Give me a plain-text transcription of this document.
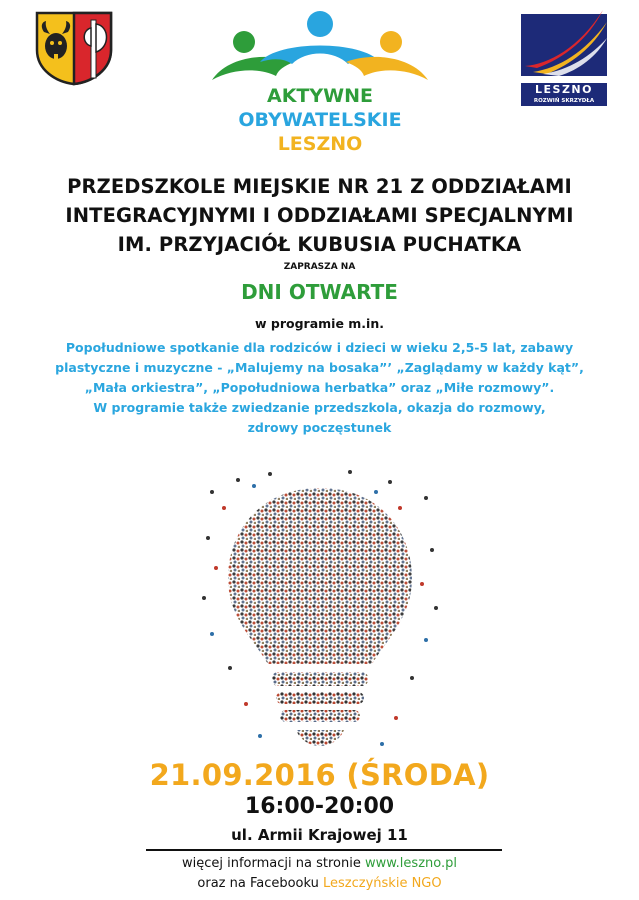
AKTYWNE
OBYWATELSKIE
LESZNO
LESZNO
ROZWIŃ SKRZYDŁA
PRZEDSZKOLE MIEJSKIE NR 21 Z ODDZIAŁAMI
INTEGRACYJNYMI I ODDZIAŁAMI SPECJALNYMI
IM. PRZYJACIÓŁ KUBUSIA PUCHATKA
ZAPRASZA NA
DNI OTWARTE
w programie m.in.

Popołudniowe spotkanie dla rodziców i dzieci w wieku 2,5-5 lat, zabawy

plastyczne i muzyczne - „Malujemy na bosaka”’ „Zaglądamy w każdy kąt”,

„Mała orkiestra”, „Popołudniowa herbatka” oraz „Miłe rozmowy”.

W programie także zwiedzanie przedszkola, okazja do rozmowy,

zdrowy poczęstunek

21.09.2016 (ŚRODA)
16:00-20:00
ul. Armii Krajowej 11
więcej informacji na stronie www.leszno.pl
oraz na Facebooku Leszczyńskie NGO
